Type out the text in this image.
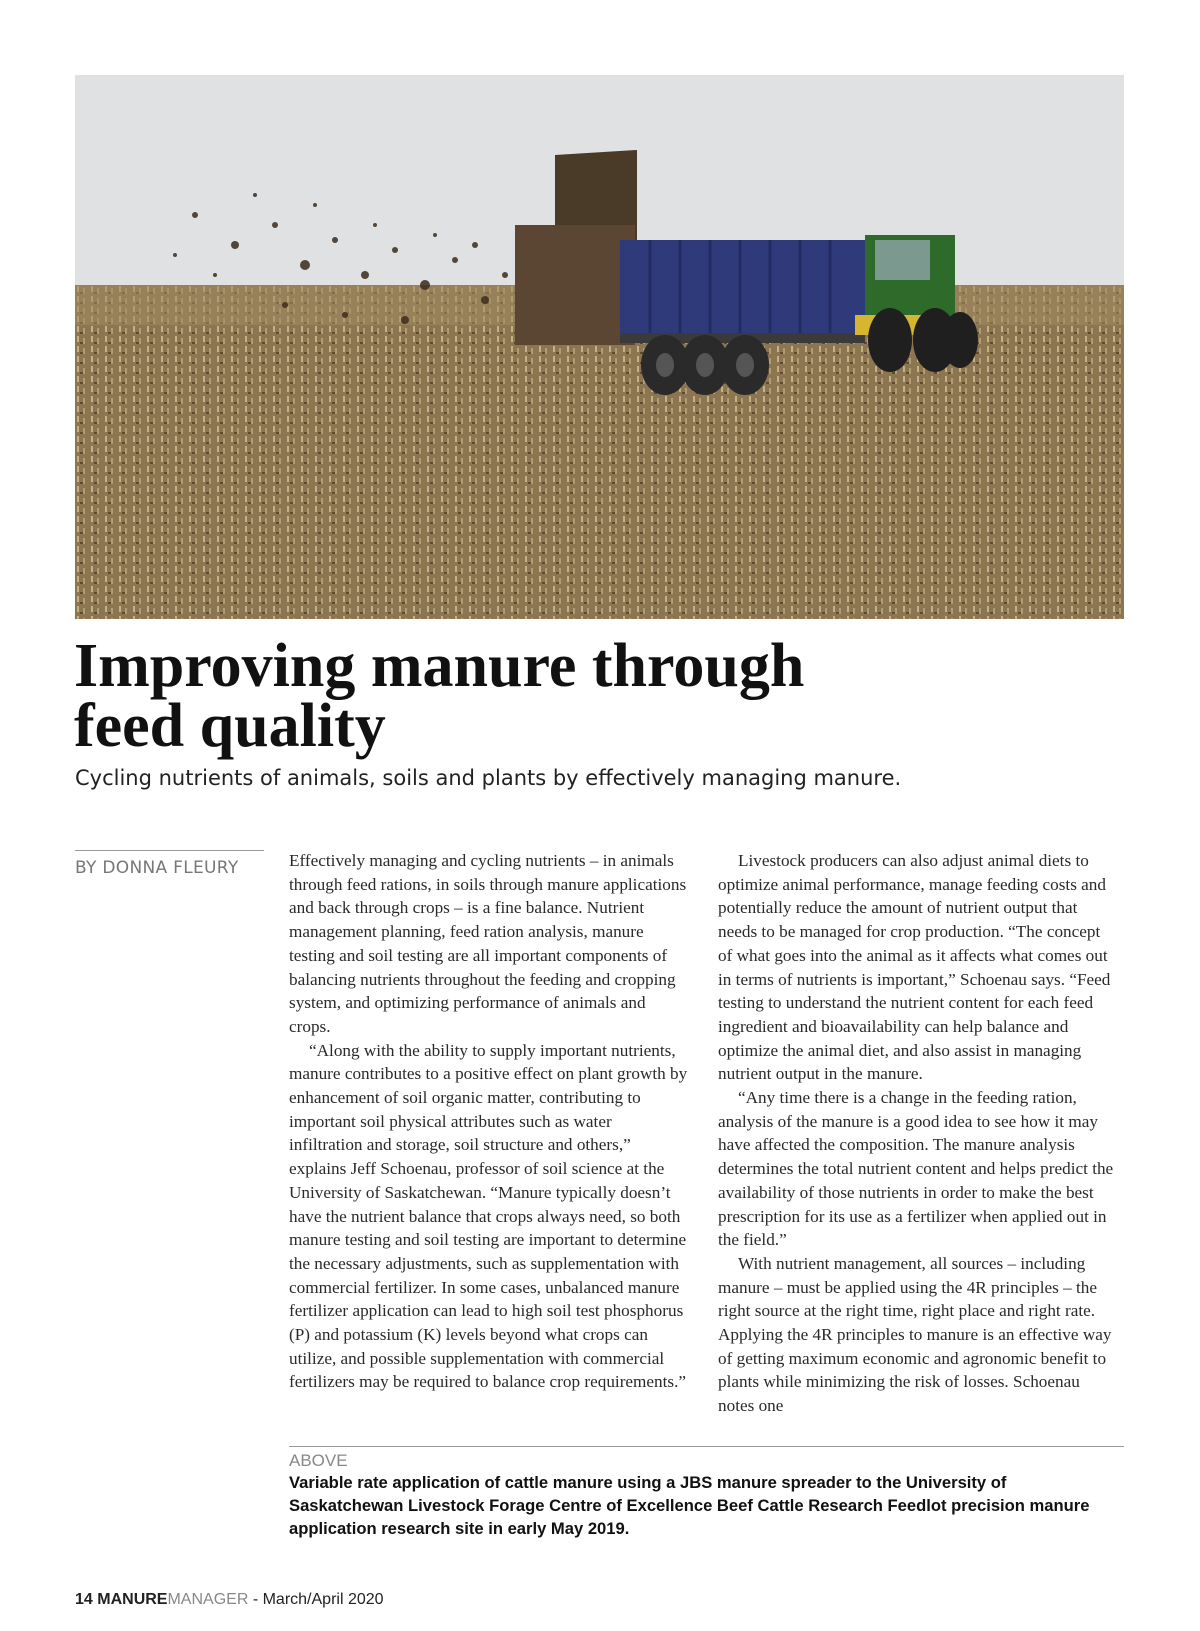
Improving manure through
feed quality

Cycling nutrients of animals, soils and plants by effectively managing manure.

BY DONNA FLEURY	Effectively managing and cycling nutrients – in animals through feed rations, in soils through manure applications and back through crops – is a fine balance. Nutrient management planning, feed ration analysis, manure testing and soil testing are all important components of balancing nutrients throughout the feeding and cropping system, and optimizing performance of animals and crops.

“Along with the ability to supply important nutrients, manure contributes to a positive effect on plant growth by enhancement of soil organic matter, contributing to important soil physical attributes such as water infiltration and storage, soil structure and others,” explains Jeff Schoenau, professor of soil science at the University of Saskatchewan. “Manure typically doesn’t have the nutrient balance that crops always need, so both manure testing and soil testing are important to determine the necessary adjustments, such as supplementation with commercial fertilizer. In some cases, unbalanced manure fertilizer application can lead to high soil test phosphorus (P) and potassium (K) levels beyond what crops can utilize, and possible supplementation with commercial fertilizers may be required to balance crop requirements.”

Livestock producers can also adjust animal diets to optimize animal performance, manage feeding costs and potentially reduce the amount of nutrient output that needs to be managed for crop production. “The concept of what goes into the animal as it affects what comes out in terms of nutrients is important,” Schoenau says. “Feed testing to understand the nutrient content for each feed ingredient and bioavailability can help balance and optimize the animal diet, and also assist in managing nutrient output in the manure.

“Any time there is a change in the feeding ration, analysis of the manure is a good idea to see how it may have affected the composition. The manure analysis determines the total nutrient content and helps predict the availability of those nutrients in order to make the best prescription for its use as a fertilizer when applied out in the field.”

With nutrient management, all sources – including manure – must be applied using the 4R principles – the right source at the right time, right place and right rate. Applying the 4R principles to manure is an effective way of getting maximum economic and agronomic benefit to plants while minimizing the risk of losses. Schoenau notes one

ABOVE
Variable rate application of cattle manure using a JBS manure spreader to the University of Saskatchewan Livestock Forage Centre of Excellence Beef Cattle Research Feedlot precision manure application research site in early May 2019.
14 MANUREMANAGER - March/April 2020
